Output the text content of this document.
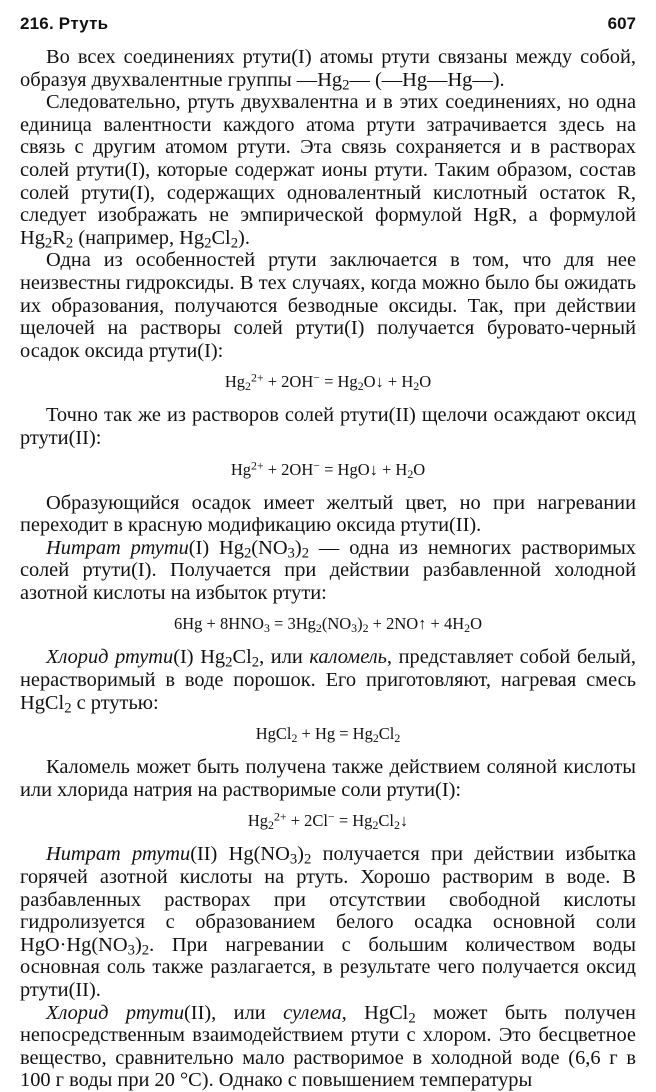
216. Ртуть	607

Во всех соединениях ртути(I) атомы ртути связаны между собой, образуя двухвалентные группы $—Hg_2—$ (—Hg—Hg—).

Следовательно, ртуть двухвалентна и в этих соединениях, но одна единица валентности каждого атома ртути затрачивается здесь на связь с другим атомом ртути. Эта связь сохраняется и в растворах солей ртути(I), которые содержат ионы ртути. Таким образом, состав солей ртути(I), содержащих одновалентный кислотный остаток R, следует изображать не эмпирической формулой HgR, а формулой $Hg_2R_2$ (например, $Hg_2Cl_2$).

Одна из особенностей ртути заключается в том, что для нее неизвестны гидроксиды. В тех случаях, когда можно было бы ожидать их образования, получаются безводные оксиды. Так, при действии щелочей на растворы солей ртути(I) получается буроватo-черный осадок оксида ртути(I):

$Hg_2^{2+} + 2OH^-$ = $Hg_2O↓ + H_2O$

Точно так же из растворов солей ртути(II) щелочи осаждают оксид ртути(II):

$Hg^{2+} + 2OH^-$ = HgO↓ + $H_2O$

Образующийся осадок имеет желтый цвет, но при нагревании переходит в красную модификацию оксида ртути(II).

Нитрат ртути(I) $Hg_2(NO_3)_2$ — одна из немногих растворимых солей ртути(I). Получается при действии разбавленной холодной азотной кислоты на избыток ртути:

$6Hg + 8HNO_3 = 3Hg_2(NO_3)_2$ + 2NO↑ + $4H_2O$

Хлорид ртути(I) $Hg_2Cl_2$, или каломель, представляет собой белый, нерастворимый в воде порошок. Его приготовляют, нагревая смесь HgCl$_2$ с ртутью:

HgCl$_2$ + $Hg = Hg_2Cl_2$

Каломель может быть получена также действием соляной кислоты или хлорида натрия на растворимые соли ртути(I):

$Hg_2^{2+} + 2Cl^-$ = $Hg_2Cl_2↓$

Нитрат ртути(II) $Hg(NO_3)_2$ получается при действии избытка горячей азотной кислоты на ртуть. Хорошо растворим в воде. В разбавленных растворах при отсутствии свободной кислоты гидролизуется с образованием белого осадка основной соли $HgO\cdot Hg(NO_3)_2$. При нагревании с большим количеством воды основная соль также разлагается, в результате чего получается оксид ртути(II).

Хлорид ртути(II), или сулема, HgCl$_2$ может быть получен непосредственным взаимодействием ртути с хлором. Это бесцветное вещество, сравнительно мало растворимое в холодной воде (6,6 г в 100 г воды при 20 °C). Однако с повышением температуры
